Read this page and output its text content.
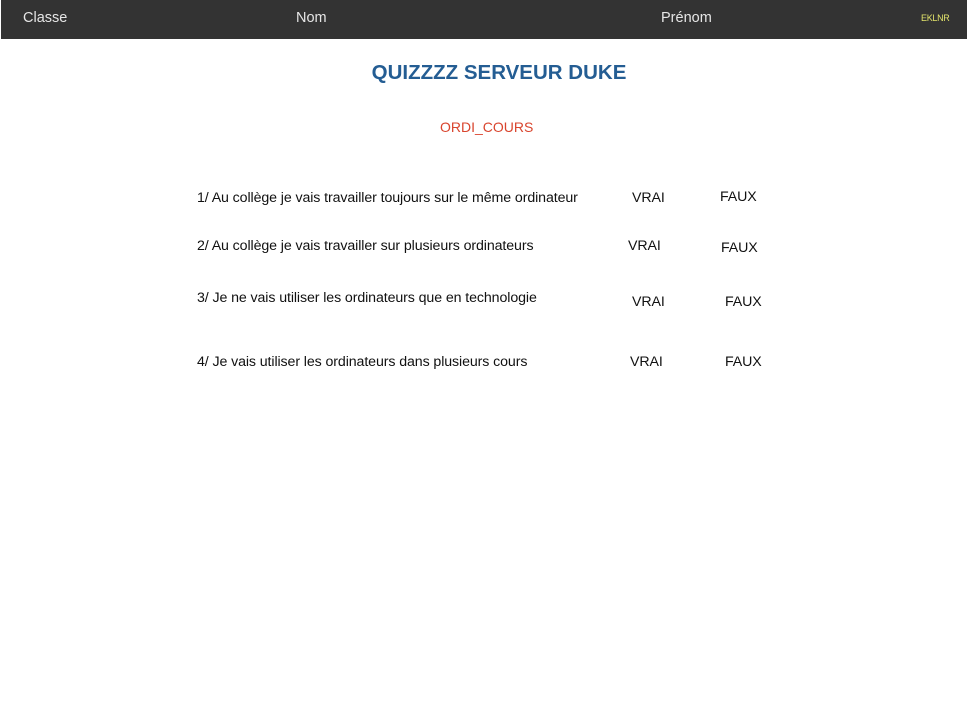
Classe	Nom	Prénom	EKLNR
QUIZZZZ SERVEUR DUKE
ORDI_COURS
1/ Au collège je vais travailler toujours sur le même ordinateur	VRAI	FAUX
2/ Au collège je vais travailler sur plusieurs ordinateurs	VRAI	FAUX
3/ Je ne vais utiliser les ordinateurs que en technologie	VRAI	FAUX
4/ Je vais utiliser les ordinateurs dans plusieurs cours	VRAI	FAUX
